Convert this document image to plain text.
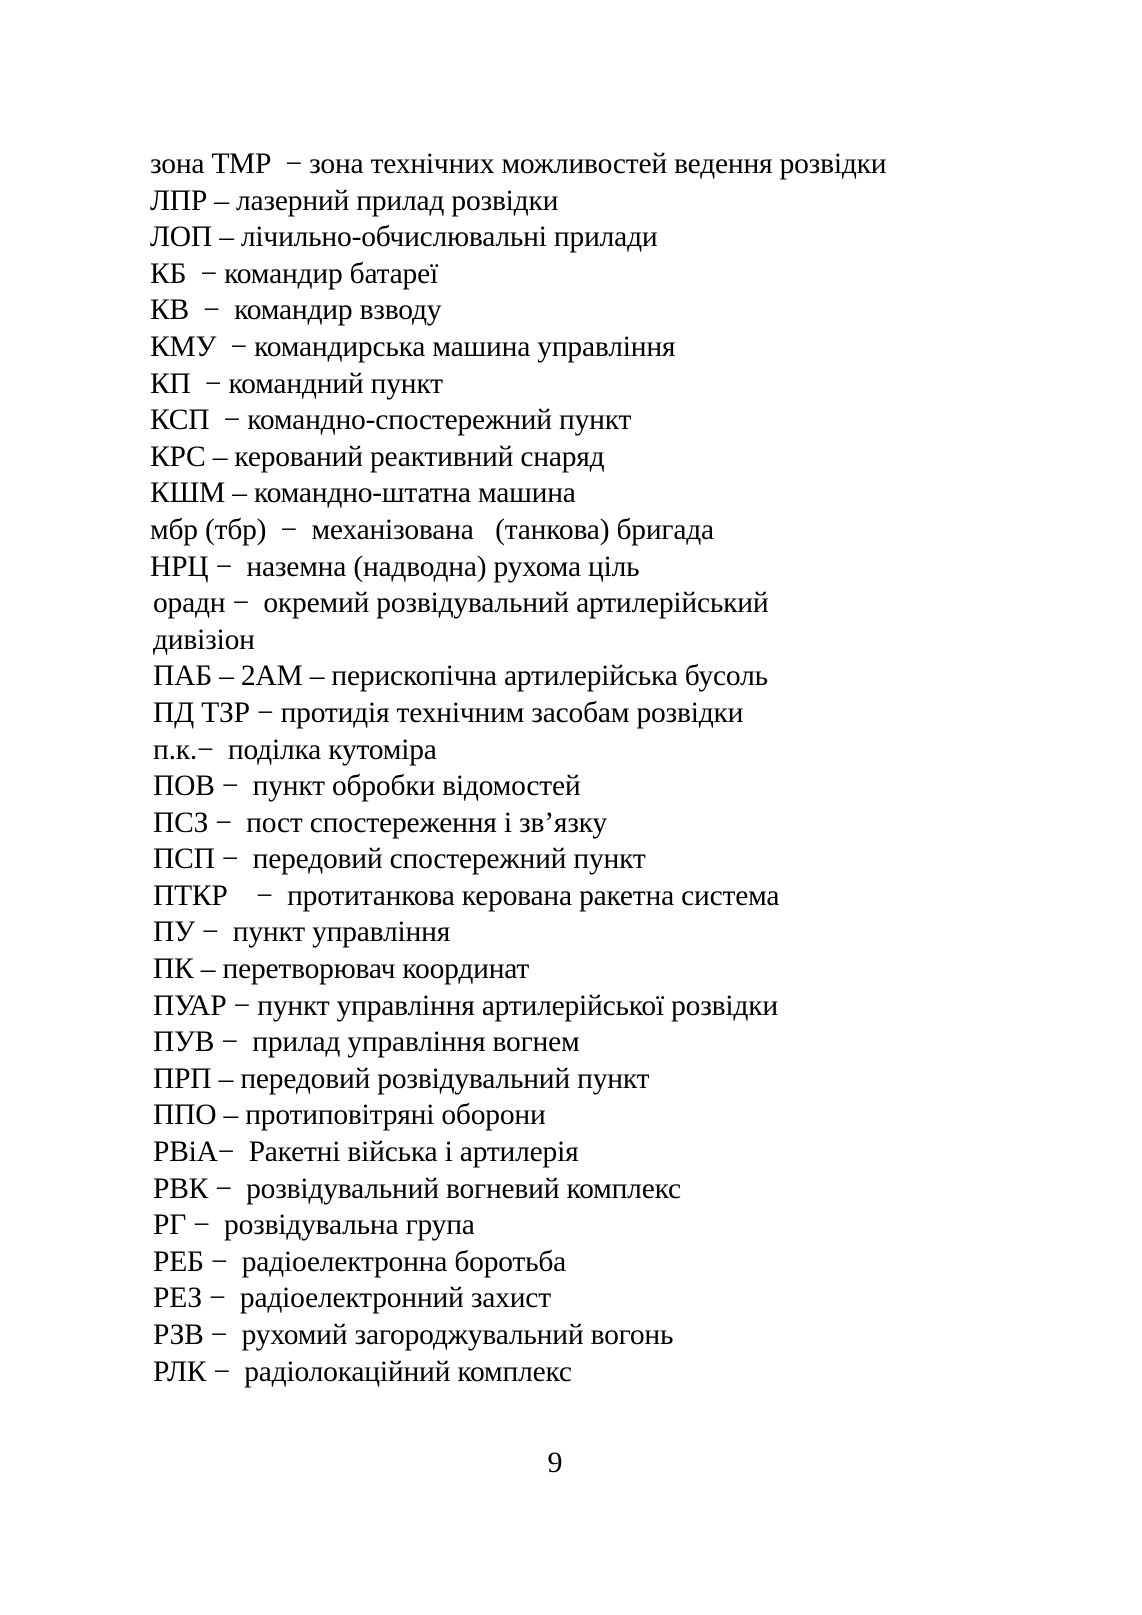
зона ТМР  − зона технічних можливостей ведення розвідки
ЛПР – лазерний прилад розвідки
ЛОП – лічильно-обчислювальні прилади
КБ  − командир батареї
КВ  −  командир взводу
КМУ  − командирська машина управління
КП  − командний пункт
КСП  − командно-спостережний пункт
КРС – керований реактивний снаряд
КШМ – командно-штатна машина
мбр (тбр)  −  механізована   (танкова) бригада
НРЦ −  наземна (надводна) рухома ціль
орадн −  окремий розвідувальний артилерійський
дивізіон
ПАБ – 2АМ – перископічна артилерійська бусоль
ПД ТЗР − протидія технічним засобам розвідки
п.к.−  поділка кутоміра
ПОВ −  пункт обробки відомостей
ПСЗ −  пост спостереження і зв’язку
ПСП −  передовий спостережний пункт
ПТКР    −  протитанкова керована ракетна система
ПУ −  пункт управління
ПК – перетворювач координат
ПУАР − пункт управління артилерійської розвідки
ПУВ −  прилад управління вогнем
ПРП – передовий розвідувальний пункт
ППО – протиповітряні оборони
РВіА−  Ракетні війська і артилерія
РВК −  розвідувальний вогневий комплекс
РГ −  розвідувальна група
РЕБ −  радіоелектронна боротьба
РЕЗ −  радіоелектронний захист
РЗВ −  рухомий загороджувальний вогонь
РЛК −  радіолокаційний комплекс
9
